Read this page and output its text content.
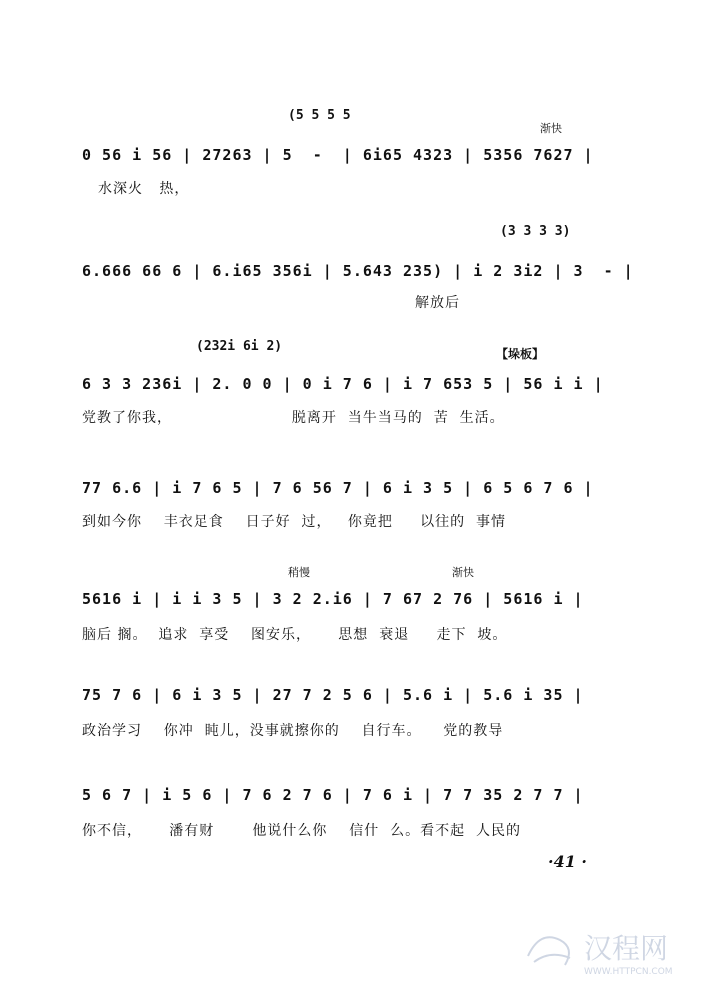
(5 5 5 5
渐快
0 56 i 56 | 27263 | 5  -  | 6i65 4323 | 5356 7627 |
水深火   热，
(3 3 3 3)
6.666 66 6 | 6.i65 356i | 5.643 235) | i 2 3i2 | 3  - |
解放后
(232i 6i 2)	【垛板】
6 3 3 236i | 2. 0 0 | 0 i 7 6 | i 7 653 5 | 56 i i |
党教了你我，                      脱离开  当牛当马的  苦  生活。
77 6.6 | i 7 6 5 | 7 6 56 7 | 6 i 3 5 | 6 5 6 7 6 |
到如今你    丰衣足食    日子好  过，   你竟把     以往的  事情
稍慢	渐快
5616 i | i i 3 5 | 3 2 2.i6 | 7 67 2 76 | 5616 i |
脑后 搁。  追求  享受    图安乐，     思想  衰退     走下  坡。
75 7 6 | 6 i 3 5 | 27 7 2 5 6 | 5.6 i | 5.6 i 35 |
政治学习    你冲  盹儿，没事就擦你的    自行车。    党的教导
5 6 7 | i 5 6 | 7 6 2 7 6 | 7 6 i | 7 7 35 2 7 7 |
你不信，     潘有财       他说什么你    信什  么。看不起  人民的
·41 ·
汉程网
WWW.HTTPCN.COM
